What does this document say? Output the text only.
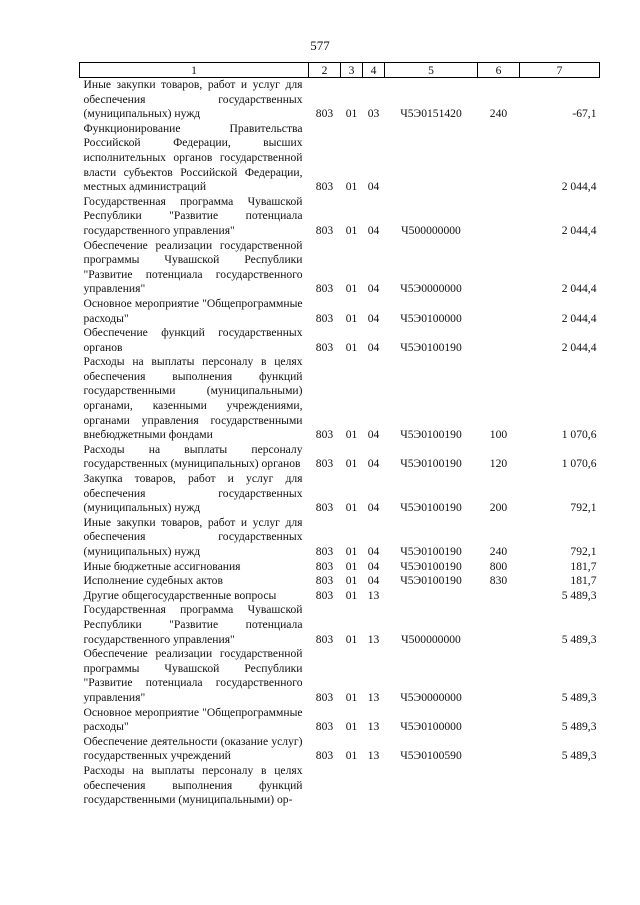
577
1	2	3	4	5	6	7
Иные закупки товаров, работ и услуг для обеспечения государственных (муниципальных) нужд	803	01	03	Ч5Э0151420	240	-67,1
Функционирование Правительства Российской Федерации, высших исполнительных органов государственной власти субъектов Российской Федерации, местных администраций	803	01	04			2 044,4
Государственная программа Чувашской Республики "Развитие потенциала государственного управления"	803	01	04	Ч500000000		2 044,4
Обеспечение реализации государственной программы Чувашской Республики "Развитие потенциала государственного управления"	803	01	04	Ч5Э0000000		2 044,4
Основное мероприятие "Общепрограммные расходы"	803	01	04	Ч5Э0100000		2 044,4
Обеспечение функций государственных органов	803	01	04	Ч5Э0100190		2 044,4
Расходы на выплаты персоналу в целях обеспечения выполнения функций государственными (муниципальными) органами, казенными учреждениями, органами управления государственными внебюджетными фондами	803	01	04	Ч5Э0100190	100	1 070,6
Расходы на выплаты персоналу государственных (муниципальных) органов	803	01	04	Ч5Э0100190	120	1 070,6
Закупка товаров, работ и услуг для обеспечения государственных (муниципальных) нужд	803	01	04	Ч5Э0100190	200	792,1
Иные закупки товаров, работ и услуг для обеспечения государственных (муниципальных) нужд	803	01	04	Ч5Э0100190	240	792,1
Иные бюджетные ассигнования	803	01	04	Ч5Э0100190	800	181,7
Исполнение судебных актов	803	01	04	Ч5Э0100190	830	181,7
Другие общегосударственные вопросы	803	01	13			5 489,3
Государственная программа Чувашской Республики "Развитие потенциала государственного управления"	803	01	13	Ч500000000		5 489,3
Обеспечение реализации государственной программы Чувашской Республики "Развитие потенциала государственного управления"	803	01	13	Ч5Э0000000		5 489,3
Основное мероприятие "Общепрограммные расходы"	803	01	13	Ч5Э0100000		5 489,3
Обеспечение деятельности (оказание услуг) государственных учреждений	803	01	13	Ч5Э0100590		5 489,3
Расходы на выплаты персоналу в целях обеспечения выполнения функций государственными (муниципальными) ор-						
